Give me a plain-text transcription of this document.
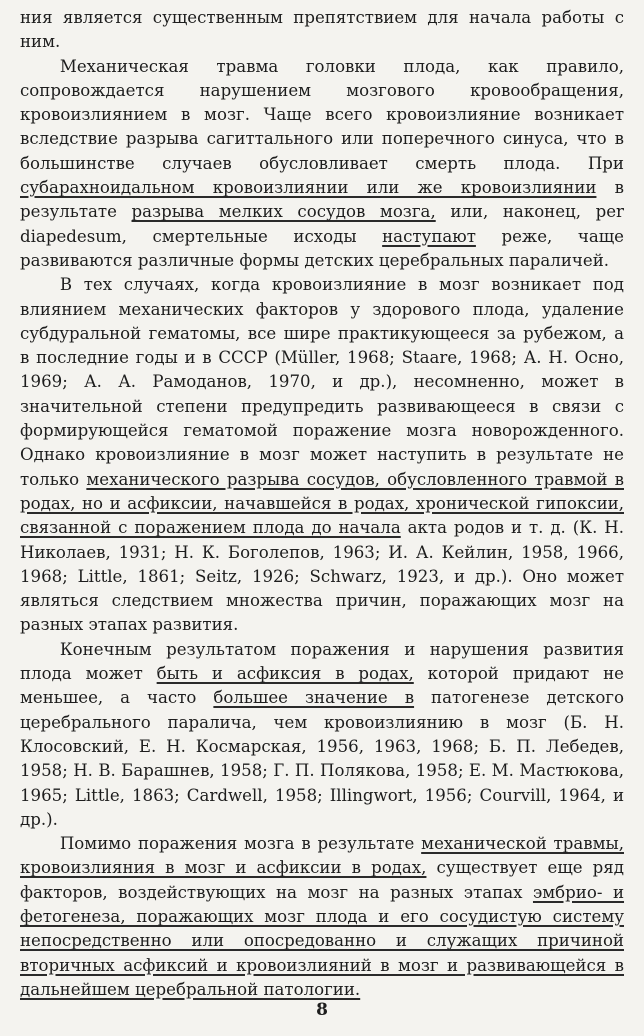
ния является существенным препятствием для начала работы с ним.

Механическая травма головки плода, как правило, сопровождается нарушением мозгового кровообращения, кровоизлиянием в мозг. Чаще всего кровоизлияние возникает вследствие разрыва сагиттального или поперечного синуса, что в большинстве случаев обусловливает смерть плода. При субарахноидальном кровоизлиянии или же кровоизлиянии в результате разрыва мелких сосудов мозга, или, наконец, per diapedesum, смертельные исходы наступают реже, чаще развиваются различные формы детских церебральных параличей.

В тех случаях, когда кровоизлияние в мозг возникает под влиянием механических факторов у здорового плода, удаление субдуральной гематомы, все шире практикующееся за рубежом, а в последние годы и в СССР (Müller, 1968; Staare, 1968; А. Н. Осно, 1969; А. А. Рамоданов, 1970, и др.), несомненно, может в значительной степени предупредить развивающееся в связи с формирующейся гематомой поражение мозга новорожденного. Однако кровоизлияние в мозг может наступить в результате не только механического разрыва сосудов, обусловленного травмой в родах, но и асфиксии, начавшейся в родах, хронической гипоксии, связанной с поражением плода до начала акта родов и т. д. (К. Н. Николаев, 1931; Н. К. Боголепов, 1963; И. А. Кейлин, 1958, 1966, 1968; Little, 1861; Seitz, 1926; Schwarz, 1923, и др.). Оно может являться следствием множества причин, поражающих мозг на разных этапах развития.

Конечным результатом поражения и нарушения развития плода может быть и асфиксия в родах, которой придают не меньшее, а часто большее значение в патогенезе детского церебрального паралича, чем кровоизлиянию в мозг (Б. Н. Клосовский, Е. Н. Космарская, 1956, 1963, 1968; Б. П. Лебедев, 1958; Н. В. Барашнев, 1958; Г. П. Полякова, 1958; Е. М. Мастюкова, 1965; Little, 1863; Cardwell, 1958; Illingwort, 1956; Courvill, 1964, и др.).

Помимо поражения мозга в результате механической травмы, кровоизлияния в мозг и асфиксии в родах, существует еще ряд факторов, воздействующих на мозг на разных этапах эмбрио- и фетогенеза, поражающих мозг плода и его сосудистую систему непосредственно или опосредованно и служащих причиной вторичных асфиксий и кровоизлияний в мозг и развивающейся в дальнейшем церебральной патологии.

8
